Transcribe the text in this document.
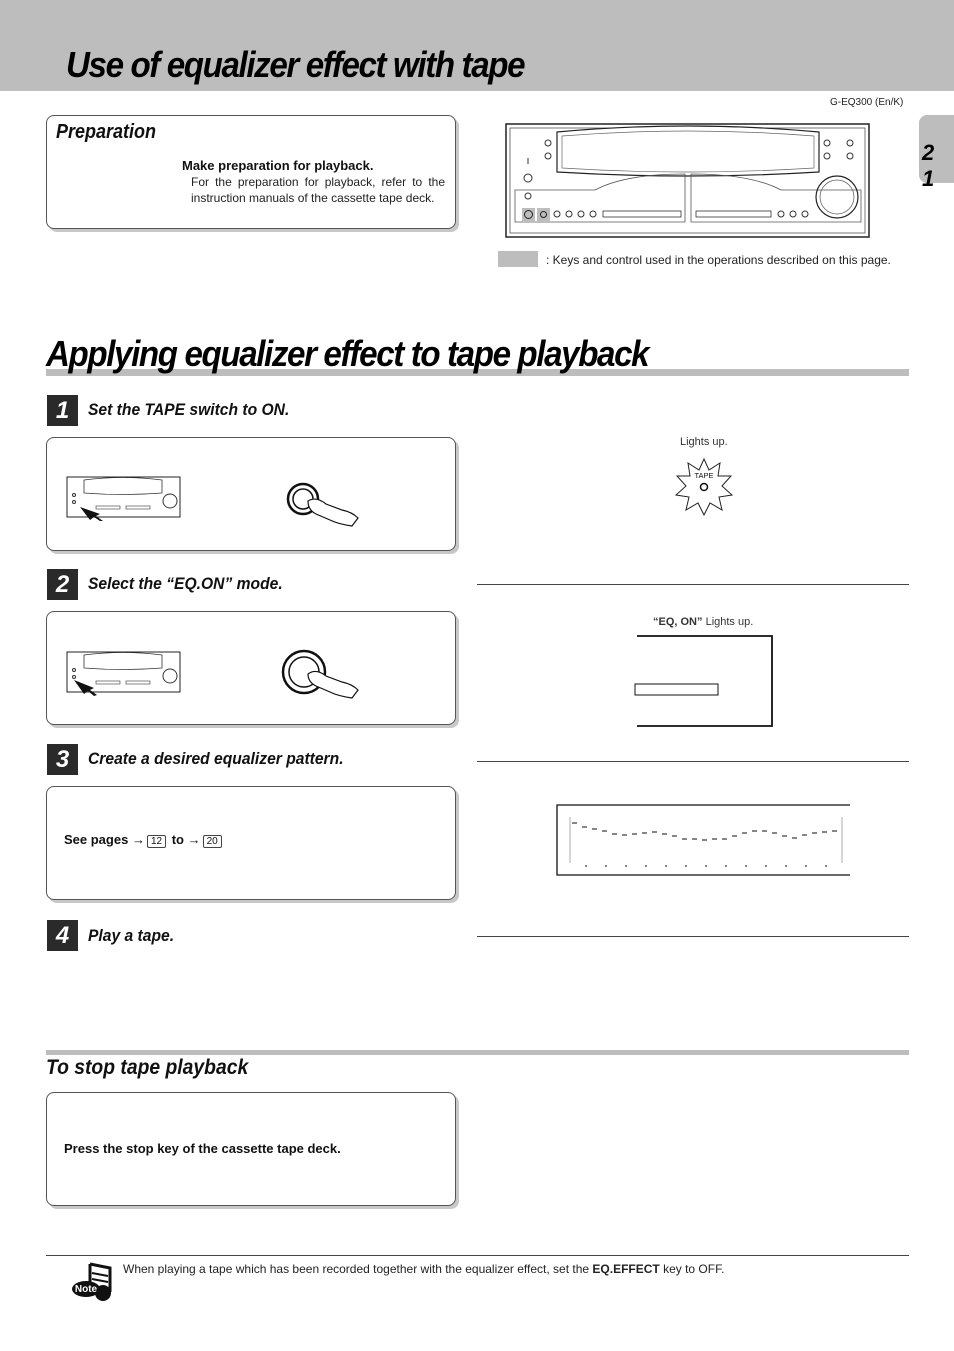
Use of equalizer effect with tape
G-EQ300 (En/K)
2 1
Preparation
Make preparation for playback.
For the preparation for playback, refer to the instruction manuals of the cassette tape deck.
: Keys and control used in the operations described on this page.
Applying equalizer effect to tape playback
1	Set the TAPE switch to ON.
Lights up.
TAPE
2	Select the “EQ.ON” mode.
“EQ, ON” Lights up.
3	Create a desired equalizer pattern.
See pages → 12 to → 20
4	Play a tape.
To stop tape playback
Press the stop key of the cassette tape deck.
Note
When playing a tape which has been recorded together with the equalizer effect, set the EQ.EFFECT key to OFF.
